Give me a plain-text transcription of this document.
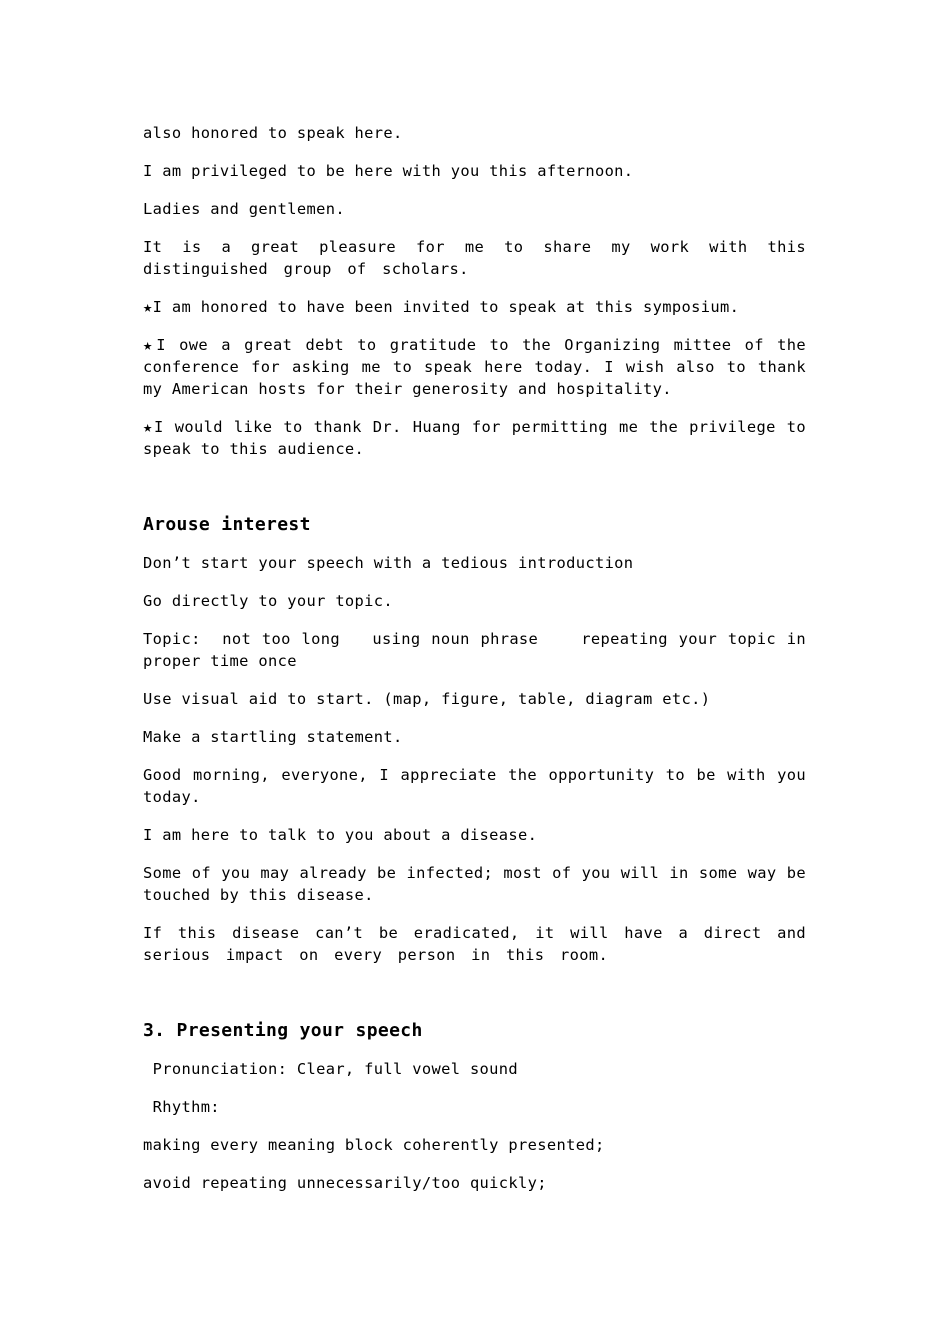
also honored to speak here.

I am privileged to be here with you this afternoon.

Ladies and gentlemen.

It is a great pleasure for me to share my work with this distinguished group of scholars.

★I am honored to have been invited to speak at this symposium.

★I owe a great debt to gratitude to the Organizing mittee of the conference for asking me to speak here today. I wish also to thank my American hosts for their generosity and hospitality.

★I would like to thank Dr. Huang for permitting me the privilege to speak to this audience.

Arouse interest

Don’t start your speech with a tedious introduction

Go directly to your topic.

Topic:  not too long   using noun phrase    repeating your topic in proper time once

Use visual aid to start. (map, figure, table, diagram etc.)

Make a startling statement.

Good morning, everyone, I appreciate the opportunity to be with you today.

I am here to talk to you about a disease.

Some of you may already be infected; most of you will in some way be touched by this disease.

If this disease can’t be eradicated, it will have a direct and serious impact on every person in this room.

3. Presenting your speech

Pronunciation: Clear, full vowel sound

Rhythm:

making every meaning block coherently presented;

avoid repeating unnecessarily/too quickly;
